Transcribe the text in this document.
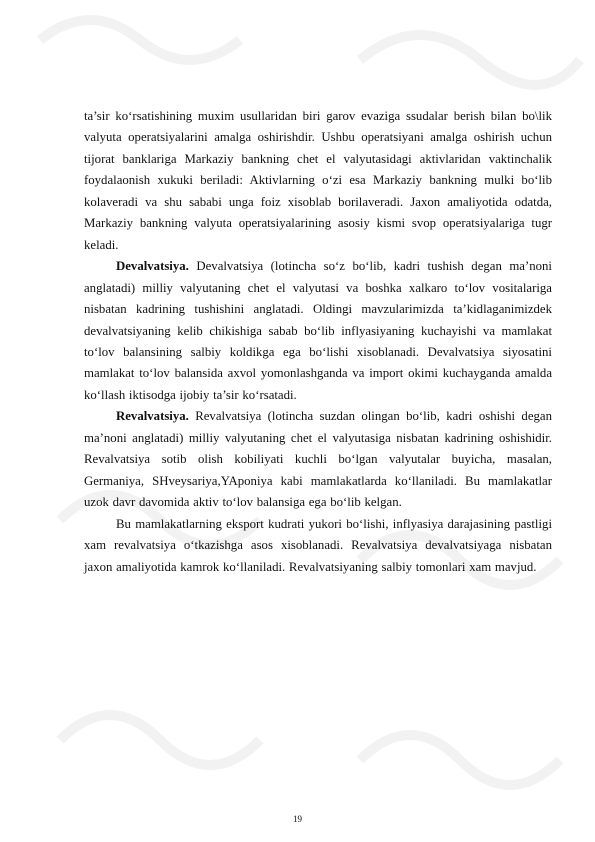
ta’sir ko‘rsatishining muxim usullaridan biri garov evaziga ssudalar berish bilan bo\lik valyuta operatsiyalarini amalga oshirishdir. Ushbu operatsiyani amalga oshirish uchun tijorat banklariga Markaziy bankning chet el valyutasidagi aktivlaridan vaktinchalik foydalaonish xukuki beriladi: Aktivlarning o‘zi esa Markaziy bankning mulki bo‘lib kolaveradi va shu sababi unga foiz xisoblab borilaveradi. Jaxon amaliyotida odatda, Markaziy bankning valyuta operatsiyalarining asosiy kismi svop operatsiyalariga tugr keladi.

Devalvatsiya. Devalvatsiya (lotincha so‘z bo‘lib, kadri tushish degan ma’noni anglatadi) milliy valyutaning chet el valyutasi va boshka xalkaro to‘lov vositalariga nisbatan kadrining tushishini anglatadi. Oldingi mavzularimizda ta’kidlaganimizdek devalvatsiyaning kelib chikishiga sabab bo‘lib inflyasiyaning kuchayishi va mamlakat to‘lov balansining salbiy koldikga ega bo‘lishi xisoblanadi. Devalvatsiya siyosatini mamlakat to‘lov balansida axvol yomonlashganda va import okimi kuchayganda amalda ko‘llash iktisodga ijobiy ta’sir ko‘rsatadi.

Revalvatsiya. Revalvatsiya (lotincha suzdan olingan bo‘lib, kadri oshishi degan ma’noni anglatadi) milliy valyutaning chet el valyutasiga nisbatan kadrining oshishidir. Revalvatsiya sotib olish kobiliyati kuchli bo‘lgan valyutalar buyicha, masalan, Germaniya, SHveysariya,YAponiya kabi mamlakatlarda ko‘llaniladi. Bu mamlakatlar uzok davr davomida aktiv to‘lov balansiga ega bo‘lib kelgan.

Bu mamlakatlarning eksport kudrati yukori bo‘lishi, inflyasiya darajasining pastligi xam revalvatsiya o‘tkazishga asos xisoblanadi. Revalvatsiya devalvatsiyaga nisbatan jaxon amaliyotida kamrok ko‘llaniladi. Revalvatsiyaning salbiy tomonlari xam mavjud.

19
